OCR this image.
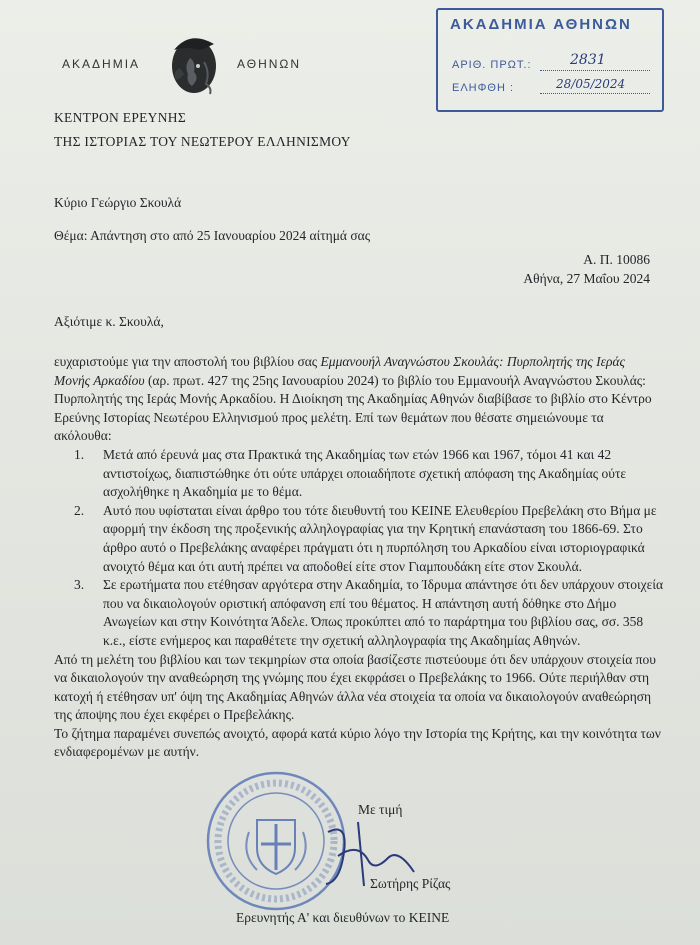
ΑΚΑΔΗΜΙΑ	ΑΘΗΝΩΝ
ΚΕΝΤΡΟΝ ΕΡΕΥΝΗΣ
ΤΗΣ ΙΣΤΟΡΙΑΣ ΤΟΥ ΝΕΩΤΕΡΟΥ ΕΛΛΗΝΙΣΜΟΥ
ΑΚΑΔΗΜΙΑ ΑΘΗΝΩΝ
ΑΡΙΘ. ΠΡΩΤ.:	2831
ΕΛΗΦΘΗ :	28/05/2024
Κύριο Γεώργιο Σκουλά
Θέμα: Απάντηση στο από 25 Ιανουαρίου 2024 αίτημά σας
Α. Π. 10086
Αθήνα, 27 Μαΐου 2024
Αξιότιμε κ. Σκουλά,
ευχαριστούμε για την αποστολή του βιβλίου σας Εμμανουήλ Αναγνώστου Σκουλάς: Πυρπολητής της Ιεράς Μονής Αρκαδίου (αρ. πρωτ. 427 της 25ης Ιανουαρίου 2024) το βιβλίο του Εμμανουήλ Αναγνώστου Σκουλάς: Πυρπολητής της Ιεράς Μονής Αρκαδίου. Η Διοίκηση της Ακαδημίας Αθηνών διαβίβασε το βιβλίο στο Κέντρο Ερεύνης Ιστορίας Νεωτέρου Ελληνισμού προς μελέτη. Επί των θεμάτων που θέσατε σημειώνουμε τα ακόλουθα:
1. Μετά από έρευνά μας στα Πρακτικά της Ακαδημίας των ετών 1966 και 1967, τόμοι 41 και 42 αντιστοίχως, διαπιστώθηκε ότι ούτε υπάρχει οποιαδήποτε σχετική απόφαση της Ακαδημίας ούτε ασχολήθηκε η Ακαδημία με το θέμα.
2. Αυτό που υφίσταται είναι άρθρο του τότε διευθυντή του ΚΕΙΝΕ Ελευθερίου Πρεβελάκη στο Βήμα με αφορμή την έκδοση της προξενικής αλληλογραφίας για την Κρητική επανάσταση του 1866-69. Στο άρθρο αυτό ο Πρεβελάκης αναφέρει πράγματι ότι η πυρπόληση του Αρκαδίου είναι ιστοριογραφικά ανοιχτό θέμα και ότι αυτή πρέπει να αποδοθεί είτε στον Γιαμπουδάκη είτε στον Σκουλά.
3. Σε ερωτήματα που ετέθησαν αργότερα στην Ακαδημία, το Ίδρυμα απάντησε ότι δεν υπάρχουν στοιχεία που να δικαιολογούν οριστική απόφανση επί του θέματος. Η απάντηση αυτή δόθηκε στο Δήμο Ανωγείων και στην Κοινότητα Άδελε. Όπως προκύπτει από το παράρτημα του βιβλίου σας, σσ. 358 κ.ε., είστε ενήμερος και παραθέτετε την σχετική αλληλογραφία της Ακαδημίας Αθηνών.
Από τη μελέτη του βιβλίου και των τεκμηρίων στα οποία βασίζεστε πιστεύουμε ότι δεν υπάρχουν στοιχεία που να δικαιολογούν την αναθεώρηση της γνώμης που έχει εκφράσει ο Πρεβελάκης το 1966. Ούτε περιήλθαν στη κατοχή ή ετέθησαν υπ' όψη της Ακαδημίας Αθηνών άλλα νέα στοιχεία τα οποία να δικαιολογούν αναθεώρηση της άποψης που έχει εκφέρει ο Πρεβελάκης.
Το ζήτημα παραμένει συνεπώς ανοιχτό, αφορά κατά κύριο λόγο την Ιστορία της Κρήτης, και την κοινότητα των ενδιαφερομένων με αυτήν.
Με τιμή
Σωτήρης Ρίζας
Ερευνητής Α' και διευθύνων το ΚΕΙΝΕ
